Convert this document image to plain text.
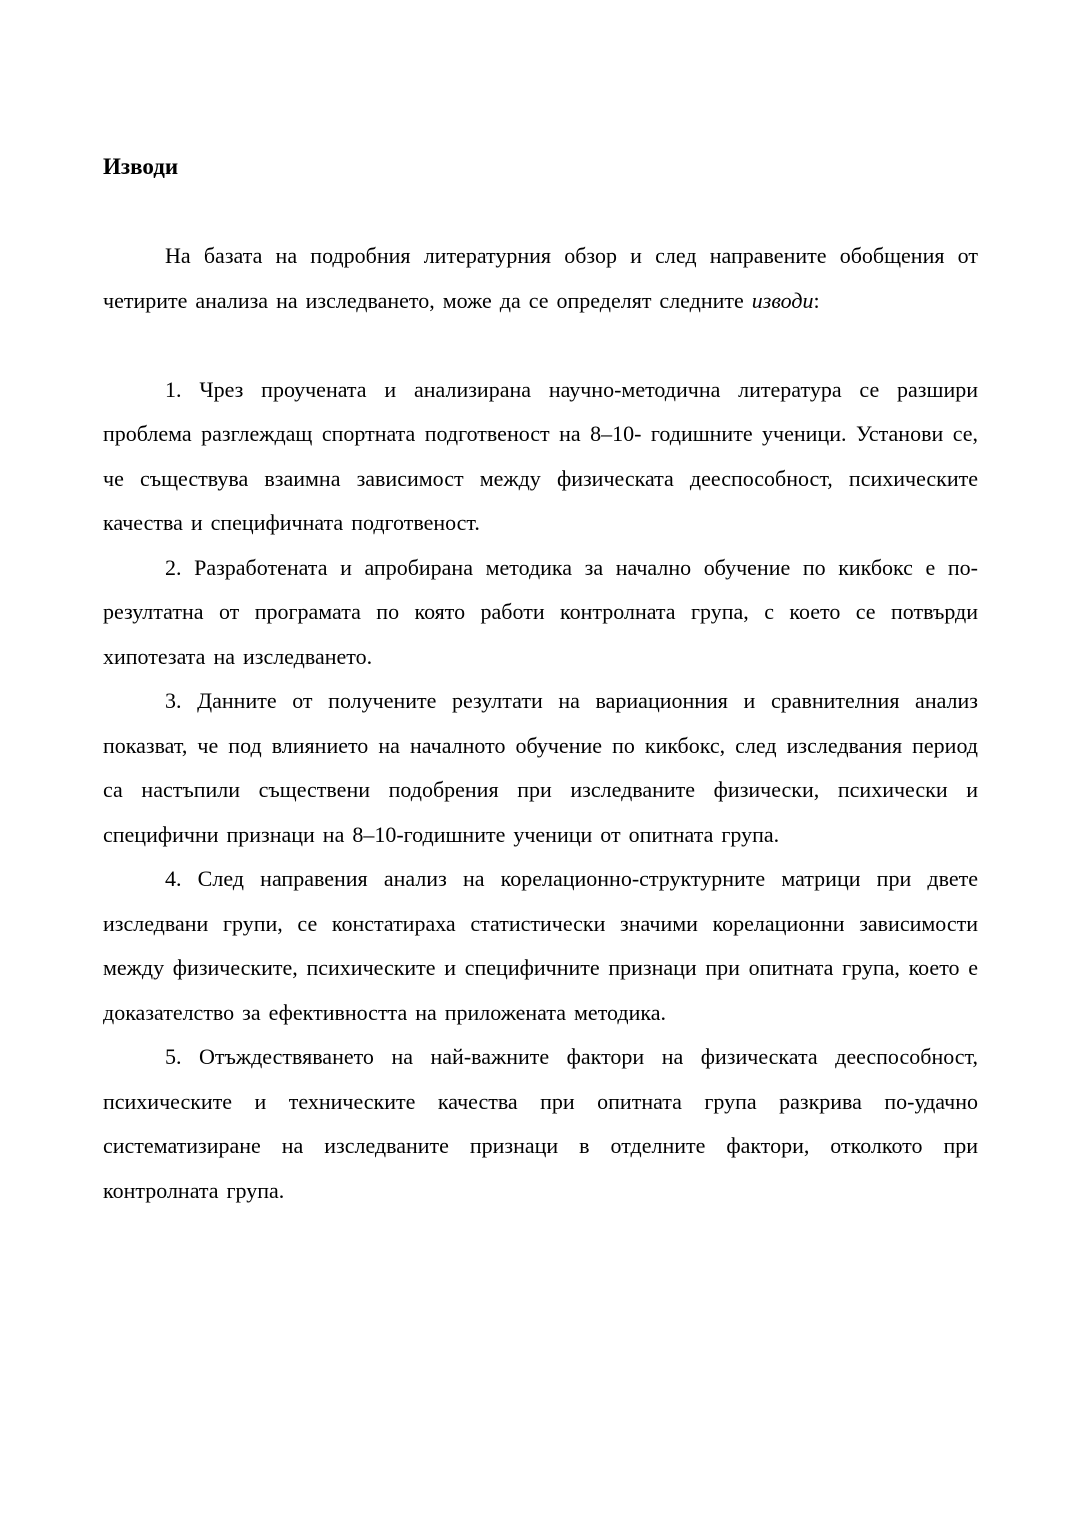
Изводи

На базата на подробния литературния обзор и след направените обобщения от четирите анализа на изследването, може да се определят следните изводи:

1. Чрез проучената и анализирана научно-методична литература се разшири проблема разглеждащ спортната подготвеност на 8–10- годишните ученици. Установи се, че съществува взаимна зависимост между физическата дееспособност, психическите качества и специфичната подготвеност.

2. Разработената и апробирана методика за начално обучение по кикбокс е по-резултатна от програмата по която работи контролната група, с което се потвърди хипотезата на изследването.

3. Данните от получените резултати на вариационния и сравнителния анализ показват, че под влиянието на началното обучение по кикбокс, след изследвания период са настъпили съществени подобрения при изследваните физически, психически и специфични признаци на 8–10-годишните ученици от опитната група.

4. След направения анализ на корелационно-структурните матрици при двете изследвани групи, се констатираха статистически значими корелационни зависимости между физическите, психическите и специфичните признаци при опитната група, което е доказателство за ефективността на приложената методика.

5. Отъждествяването на най-важните фактори на физическата дееспособност, психическите и техническите качества при опитната група разкрива по-удачно систематизиране на изследваните признаци в отделните фактори, отколкото при контролната група.
